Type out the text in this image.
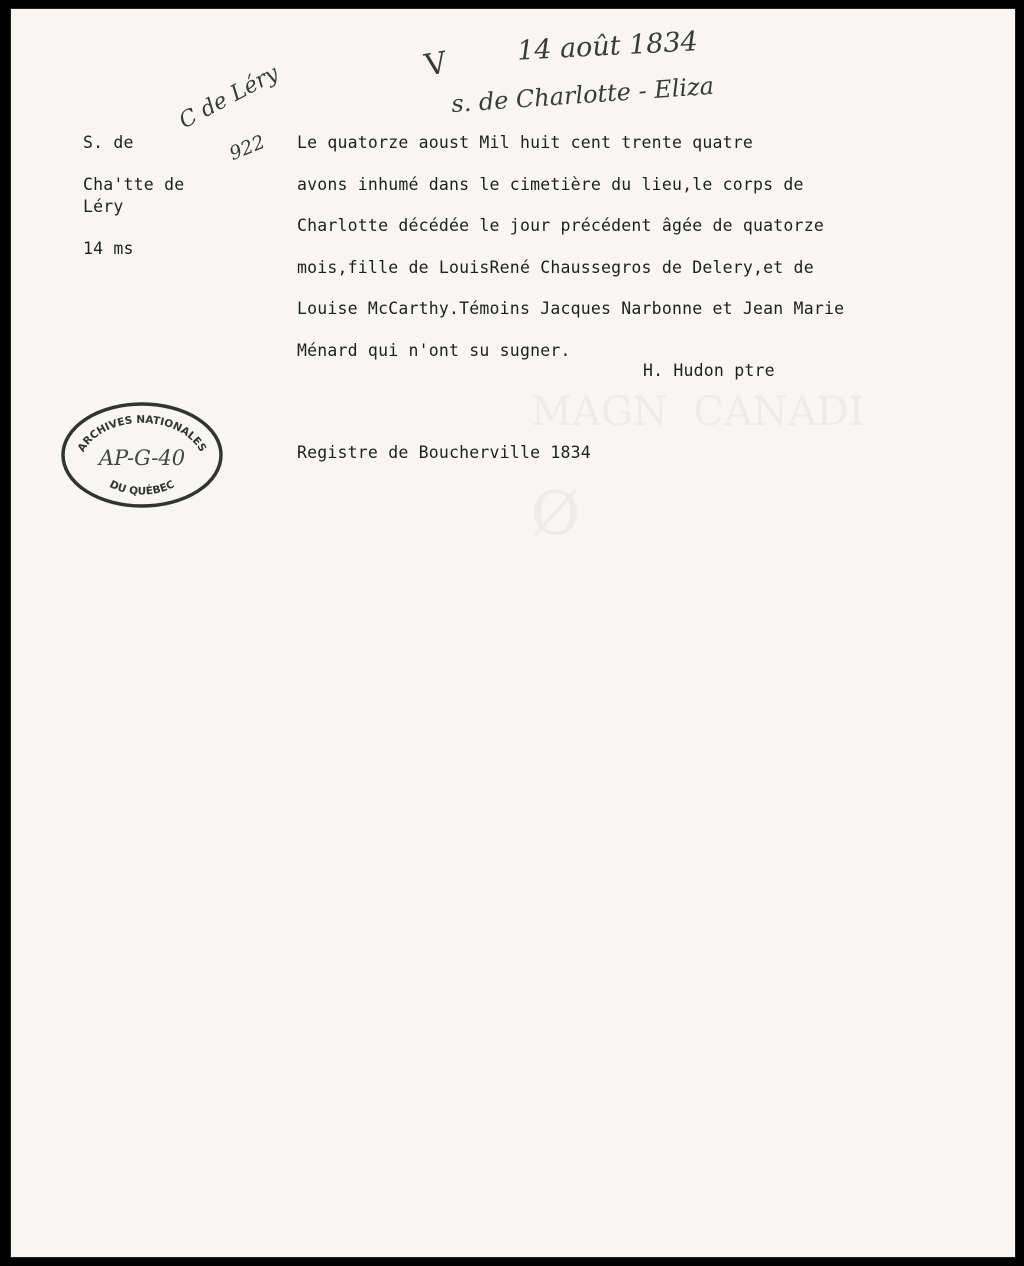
MAGN  CANADI
Ø
V 14 août 1834
s. de Charlotte - Eliza
C de Léry
922
S. de
Cha'tte de
Léry
14 ms
Le quatorze aoust Mil huit cent trente quatre
avons inhumé dans le cimetière du lieu,le corps de
Charlotte décédée le jour précédent âgée de quatorze
mois,fille de LouisRené Chaussegros de Delery,et de
Louise McCarthy.Témoins Jacques Narbonne et Jean Marie
Ménard qui n'ont su sugner.
H. Hudon ptre
Registre de Boucherville 1834
ARCHIVES NATIONALES
AP-G-40
DU QUÉBEC
